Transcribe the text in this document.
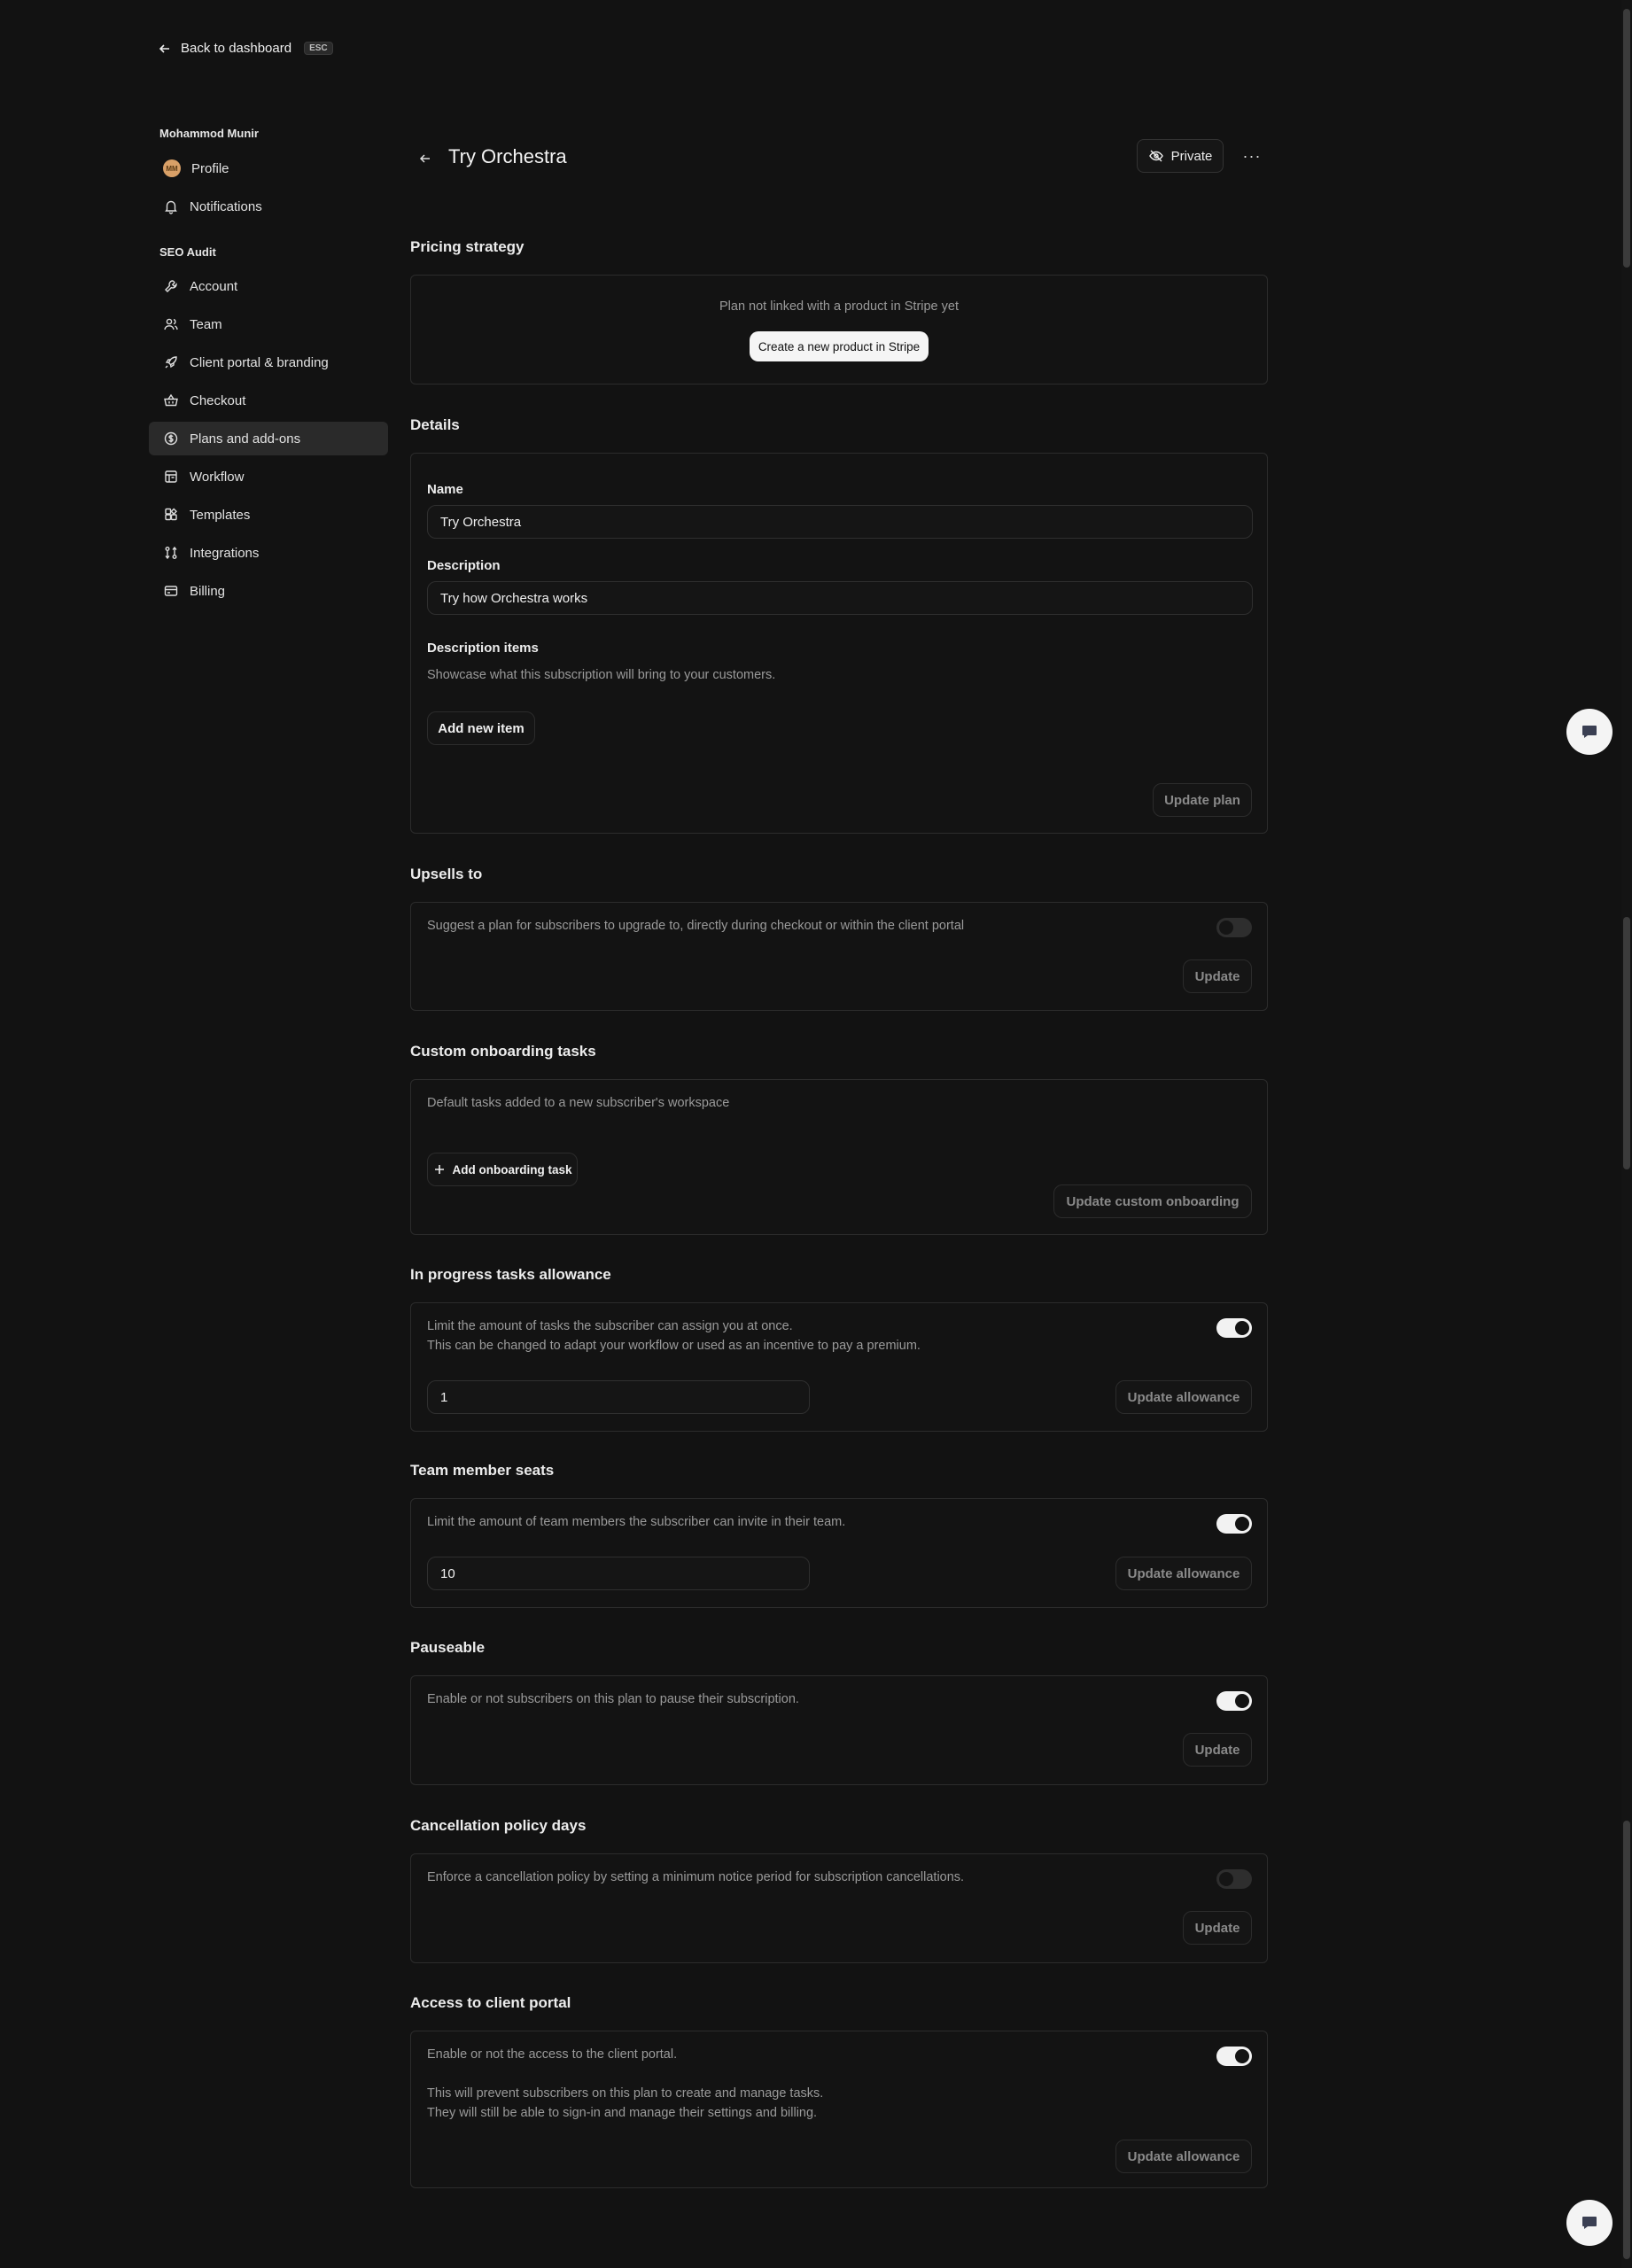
Back to dashboard	ESC
Mohammod Munir
MM Profile
Notifications
SEO Audit
Account
Team
Client portal & branding
Checkout
Plans and add-ons
Workflow
Templates
Integrations
Billing
Try Orchestra	Private ···
Pricing strategy
Plan not linked with a product in Stripe yet
Create a new product in Stripe
Details
Name
Try Orchestra
Description
Try how Orchestra works
Description items
Showcase what this subscription will bring to your customers.
Add new item
Update plan
Upsells to
Suggest a plan for subscribers to upgrade to, directly during checkout or within the client portal
Update
Custom onboarding tasks
Default tasks added to a new subscriber's workspace
Add onboarding task
Update custom onboarding
In progress tasks allowance
Limit the amount of tasks the subscriber can assign you at once.
This can be changed to adapt your workflow or used as an incentive to pay a premium.
1	Update allowance
Team member seats
Limit the amount of team members the subscriber can invite in their team.
10	Update allowance
Pauseable
Enable or not subscribers on this plan to pause their subscription.
Update
Cancellation policy days
Enforce a cancellation policy by setting a minimum notice period for subscription cancellations.
Update
Access to client portal
Enable or not the access to the client portal.
This will prevent subscribers on this plan to create and manage tasks.
They will still be able to sign-in and manage their settings and billing.
Update allowance
